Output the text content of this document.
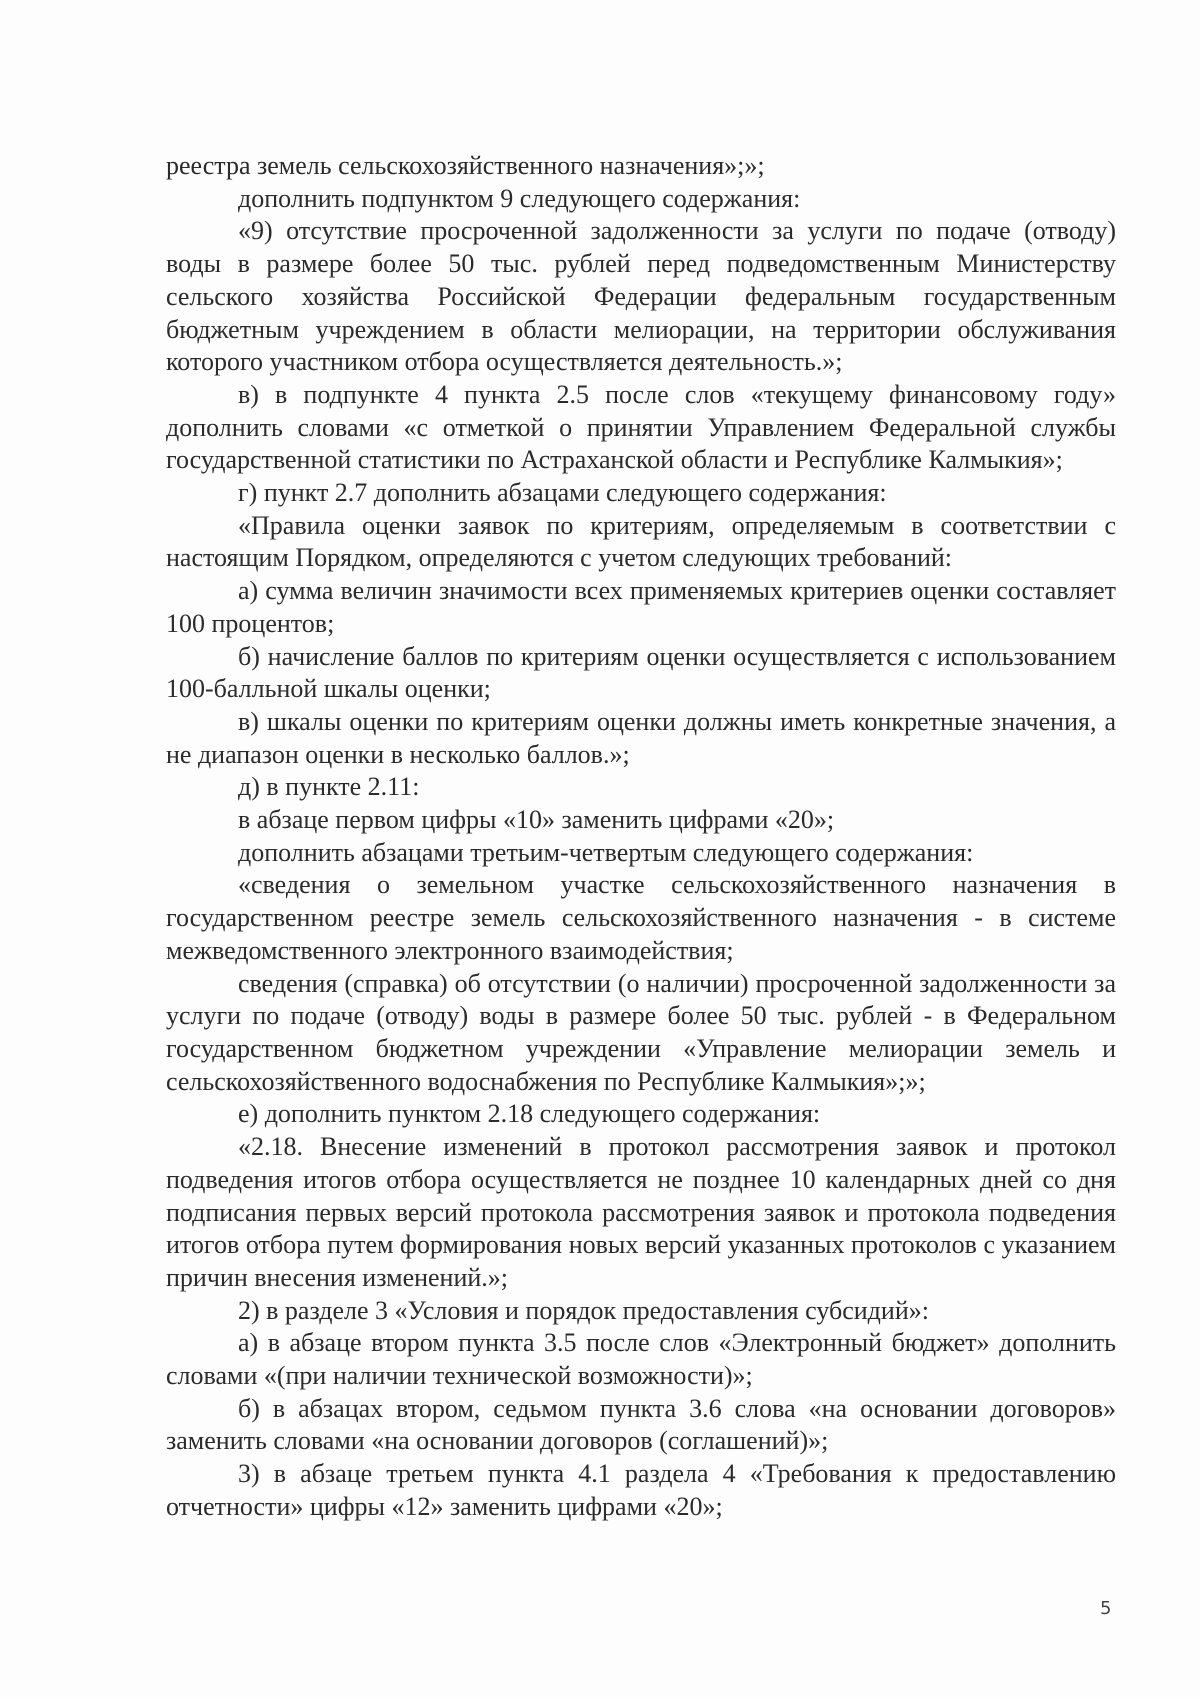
реестра земель сельскохозяйственного назначения»;»;

дополнить подпунктом 9 следующего содержания:

«9) отсутствие просроченной задолженности за услуги по подаче (отводу) воды в размере более 50 тыс. рублей перед подведомственным Министерству сельского хозяйства Российской Федерации федеральным государственным бюджетным учреждением в области мелиорации, на территории обслуживания которого участником отбора осуществляется деятельность.»;

в) в подпункте 4 пункта 2.5 после слов «текущему финансовому году» дополнить словами «с отметкой о принятии Управлением Федеральной службы государственной статистики по Астраханской области и Республике Калмыкия»;

г) пункт 2.7 дополнить абзацами следующего содержания:

«Правила оценки заявок по критериям, определяемым в соответствии с настоящим Порядком, определяются с учетом следующих требований:

а) сумма величин значимости всех применяемых критериев оценки составляет 100 процентов;

б) начисление баллов по критериям оценки осуществляется с использованием 100-балльной шкалы оценки;

в) шкалы оценки по критериям оценки должны иметь конкретные значения, а не диапазон оценки в несколько баллов.»;

д) в пункте 2.11:

в абзаце первом цифры «10» заменить цифрами «20»;

дополнить абзацами третьим-четвертым следующего содержания:

«сведения о земельном участке сельскохозяйственного назначения в государственном реестре земель сельскохозяйственного назначения - в системе межведомственного электронного взаимодействия;

сведения (справка) об отсутствии (о наличии) просроченной задолженности за услуги по подаче (отводу) воды в размере более 50 тыс. рублей - в Федеральном государственном бюджетном учреждении «Управление мелиорации земель и сельскохозяйственного водоснабжения по Республике Калмыкия»;»;

е) дополнить пунктом 2.18 следующего содержания:

«2.18. Внесение изменений в протокол рассмотрения заявок и протокол подведения итогов отбора осуществляется не позднее 10 календарных дней со дня подписания первых версий протокола рассмотрения заявок и протокола подведения итогов отбора путем формирования новых версий указанных протоколов с указанием причин внесения изменений.»;

2) в разделе 3 «Условия и порядок предоставления субсидий»:

а) в абзаце втором пункта 3.5 после слов «Электронный бюджет» дополнить словами «(при наличии технической возможности)»;

б) в абзацах втором, седьмом пункта 3.6 слова «на основании договоров» заменить словами «на основании договоров (соглашений)»;

3) в абзаце третьем пункта 4.1 раздела 4 «Требования к предоставлению отчетности» цифры «12» заменить цифрами «20»;

5
